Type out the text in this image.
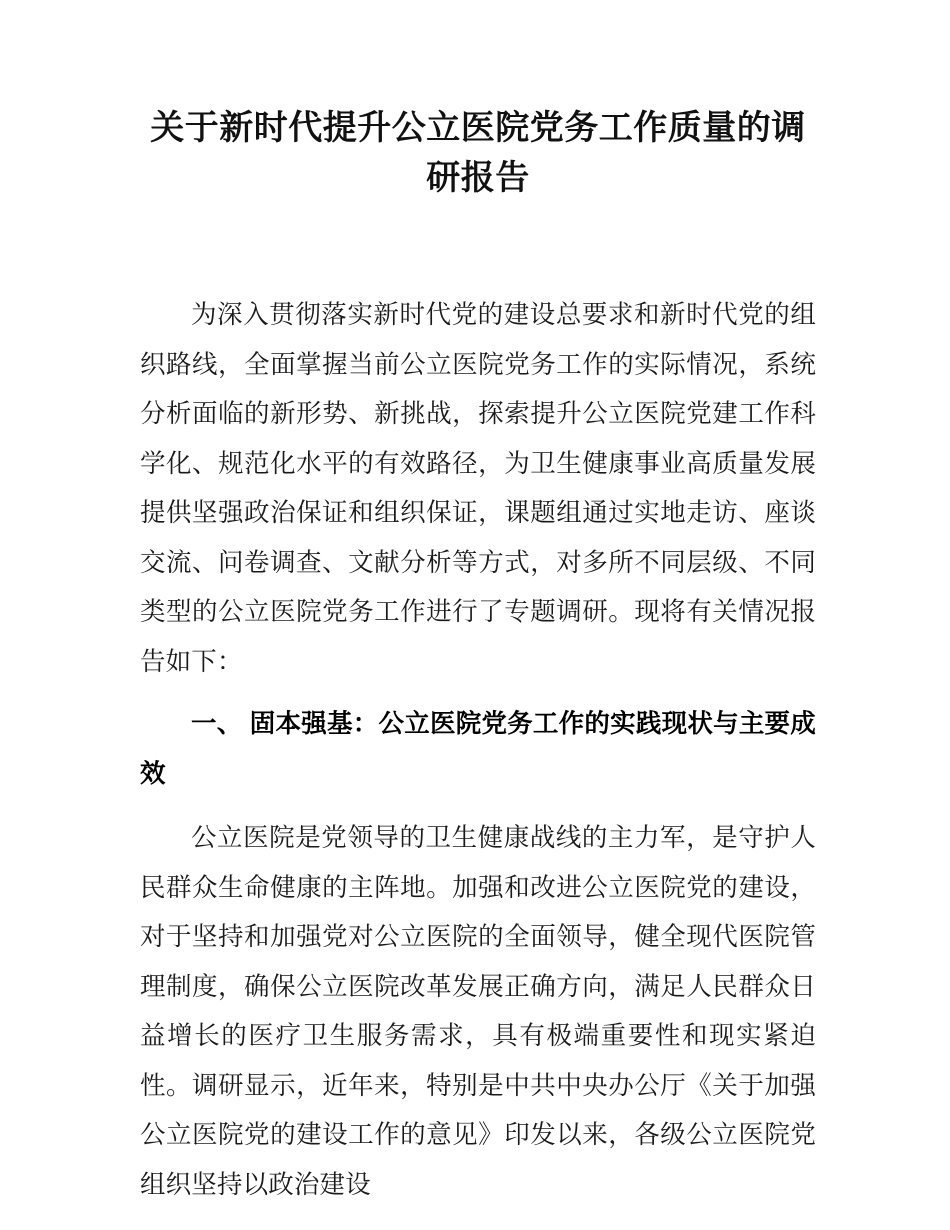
关于新时代提升公立医院党务工作质量的调研报告

为深入贯彻落实新时代党的建设总要求和新时代党的组织路线，全面掌握当前公立医院党务工作的实际情况，系统分析面临的新形势、新挑战，探索提升公立医院党建工作科学化、规范化水平的有效路径，为卫生健康事业高质量发展提供坚强政治保证和组织保证，课题组通过实地走访、座谈交流、问卷调查、文献分析等方式，对多所不同层级、不同类型的公立医院党务工作进行了专题调研。现将有关情况报告如下：

一、 固本强基：公立医院党务工作的实践现状与主要成效

公立医院是党领导的卫生健康战线的主力军，是守护人民群众生命健康的主阵地。加强和改进公立医院党的建设，对于坚持和加强党对公立医院的全面领导，健全现代医院管理制度，确保公立医院改革发展正确方向，满足人民群众日益增长的医疗卫生服务需求，具有极端重要性和现实紧迫性。调研显示，近年来，特别是中共中央办公厅《关于加强公立医院党的建设工作的意见》印发以来，各级公立医院党组织坚持以政治建设
